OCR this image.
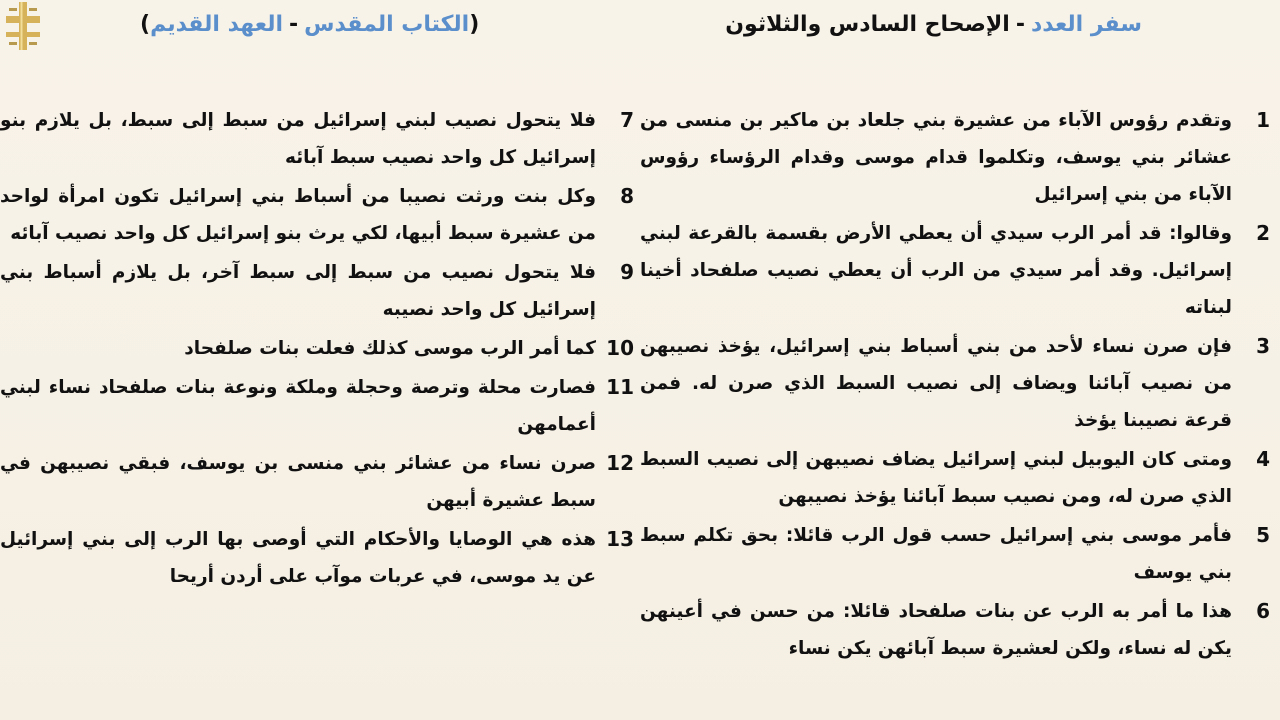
سفر العدد-الإصحاح السادس والثلاثون
(الكتاب المقدس-العهد القديم)
1
وتقدم رؤوس الآباء من عشيرة بني جلعاد بن ماكير بن منسى من عشائر بني يوسف، وتكلموا قدام موسى وقدام الرؤساء رؤوس الآباء من بني إسرائيل
2
وقالوا: قد أمر الرب سيدي أن يعطي الأرض بقسمة بالقرعة لبني إسرائيل. وقد أمر سيدي من الرب أن يعطي نصيب صلفحاد أخينا لبناته
3
فإن صرن نساء لأحد من بني أسباط بني إسرائيل، يؤخذ نصيبهن من نصيب آبائنا ويضاف إلى نصيب السبط الذي صرن له. فمن قرعة نصيبنا يؤخذ
4
ومتى كان اليوبيل لبني إسرائيل يضاف نصيبهن إلى نصيب السبط الذي صرن له، ومن نصيب سبط آبائنا يؤخذ نصيبهن
5
فأمر موسى بني إسرائيل حسب قول الرب قائلا: بحق تكلم سبط بني يوسف
6
هذا ما أمر به الرب عن بنات صلفحاد قائلا: من حسن في أعينهن يكن له نساء، ولكن لعشيرة سبط آبائهن يكن نساء
7
فلا يتحول نصيب لبني إسرائيل من سبط إلى سبط، بل يلازم بنو إسرائيل كل واحد نصيب سبط آبائه
8
وكل بنت ورثت نصيبا من أسباط بني إسرائيل تكون امرأة لواحد من عشيرة سبط أبيها، لكي يرث بنو إسرائيل كل واحد نصيب آبائه
9
فلا يتحول نصيب من سبط إلى سبط آخر، بل يلازم أسباط بني إسرائيل كل واحد نصيبه
10
كما أمر الرب موسى كذلك فعلت بنات صلفحاد
11
فصارت محلة وترصة وحجلة وملكة ونوعة بنات صلفحاد نساء لبني أعمامهن
12
صرن نساء من عشائر بني منسى بن يوسف، فبقي نصيبهن في سبط عشيرة أبيهن
13
هذه هي الوصايا والأحكام التي أوصى بها الرب إلى بني إسرائيل عن يد موسى، في عربات موآب على أردن أريحا
